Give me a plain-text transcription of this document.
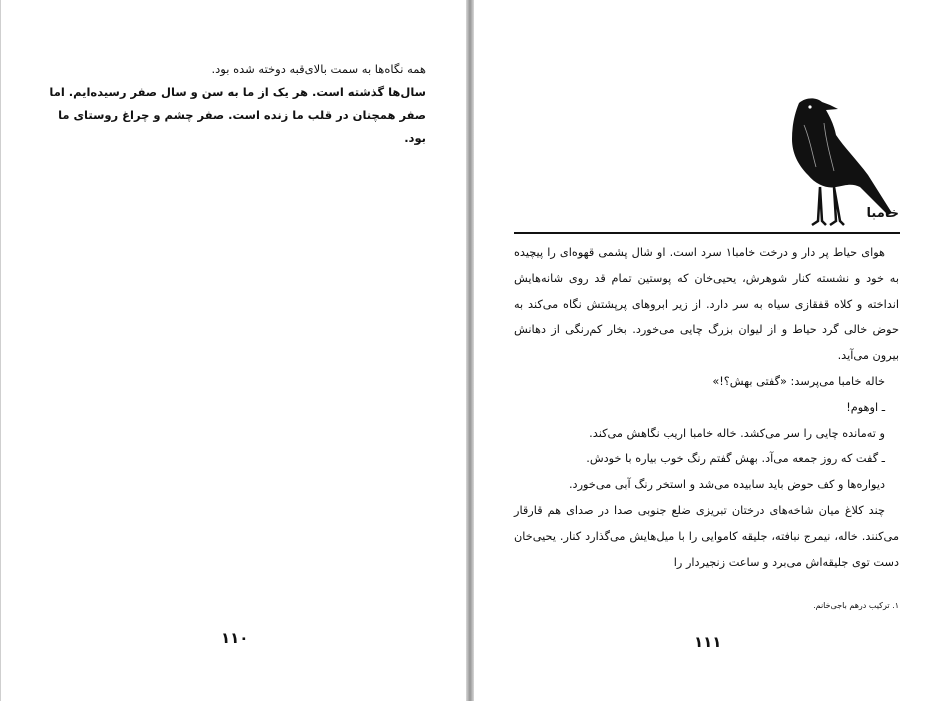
همه نگاه‌ها به سمت بالای‌قبه دوخته شده بود.

سال‌ها گذشته است. هر یک از ما به سن و سال صفر رسیده‌ایم. اما صفر همچنان در قلب ما زنده است. صفر چشم و چراغ روستای ما بود.

۱۱۰
خامبا

هوای حیاط پر دار و درخت خامبا۱ سرد است. او شال پشمی قهوه‌ای را پیچیده به خود و نشسته کنار شوهرش، یحیی‌خان که پوستین تمام قد روی شانه‌هایش انداخته و کلاه قفقازی سیاه به سر دارد. از زیر ابروهای پرپشتش نگاه می‌کند به حوض خالی گرد حیاط و از لیوان بزرگ چایی می‌خورد. بخار کم‌رنگی از دهانش بیرون می‌آید.

خاله خامبا می‌پرسد: «گفتی بهش؟!»

ـ اوهوم!

و ته‌مانده چایی را سر می‌کشد. خاله خامبا اریب نگاهش می‌کند.

ـ گفت که روز جمعه می‌آد. بهش گفتم رنگ خوب بیاره با خودش.

دیواره‌ها و کف حوض باید سابیده می‌شد و استخر رنگ آبی می‌خورد.

چند کلاغ میان شاخه‌های درختان تبریزی ضلع جنوبی صدا در صدای هم قارقار می‌کنند. خاله، نیمرج نبافته، جلیقه کاموایی را با میل‌هایش می‌گذارد کنار. یحیی‌خان دست توی جلیقه‌اش می‌برد و ساعت زنجیردار را

۱. ترکیب درهم باجی‌خانم.
۱۱۱
